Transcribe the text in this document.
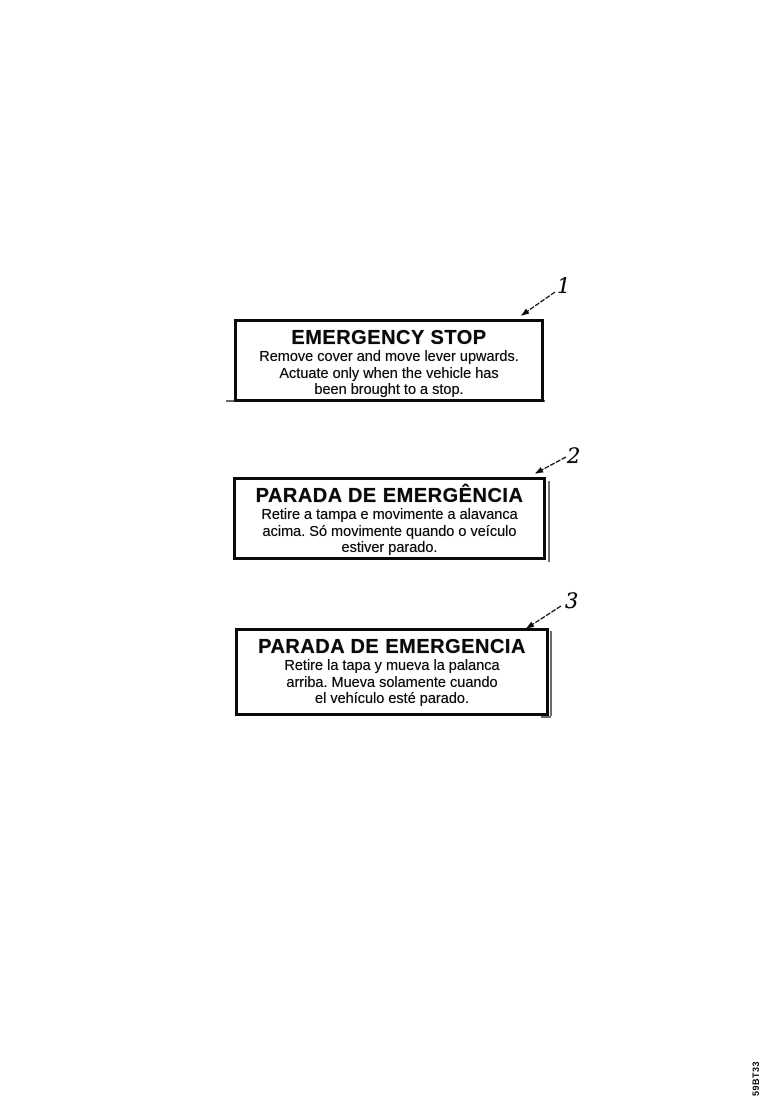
EMERGENCY STOP
Remove cover and move lever upwards.
Actuate only when the vehicle has
been brought to a stop.
PARADA DE EMERGÊNCIA
Retire a tampa e movimente a alavanca
acima. Só movimente quando o veículo
estiver parado.
PARADA DE EMERGENCIA
Retire la tapa y mueva la palanca
arriba. Mueva solamente cuando
el vehículo esté parado.
1
2
3
59BT33
